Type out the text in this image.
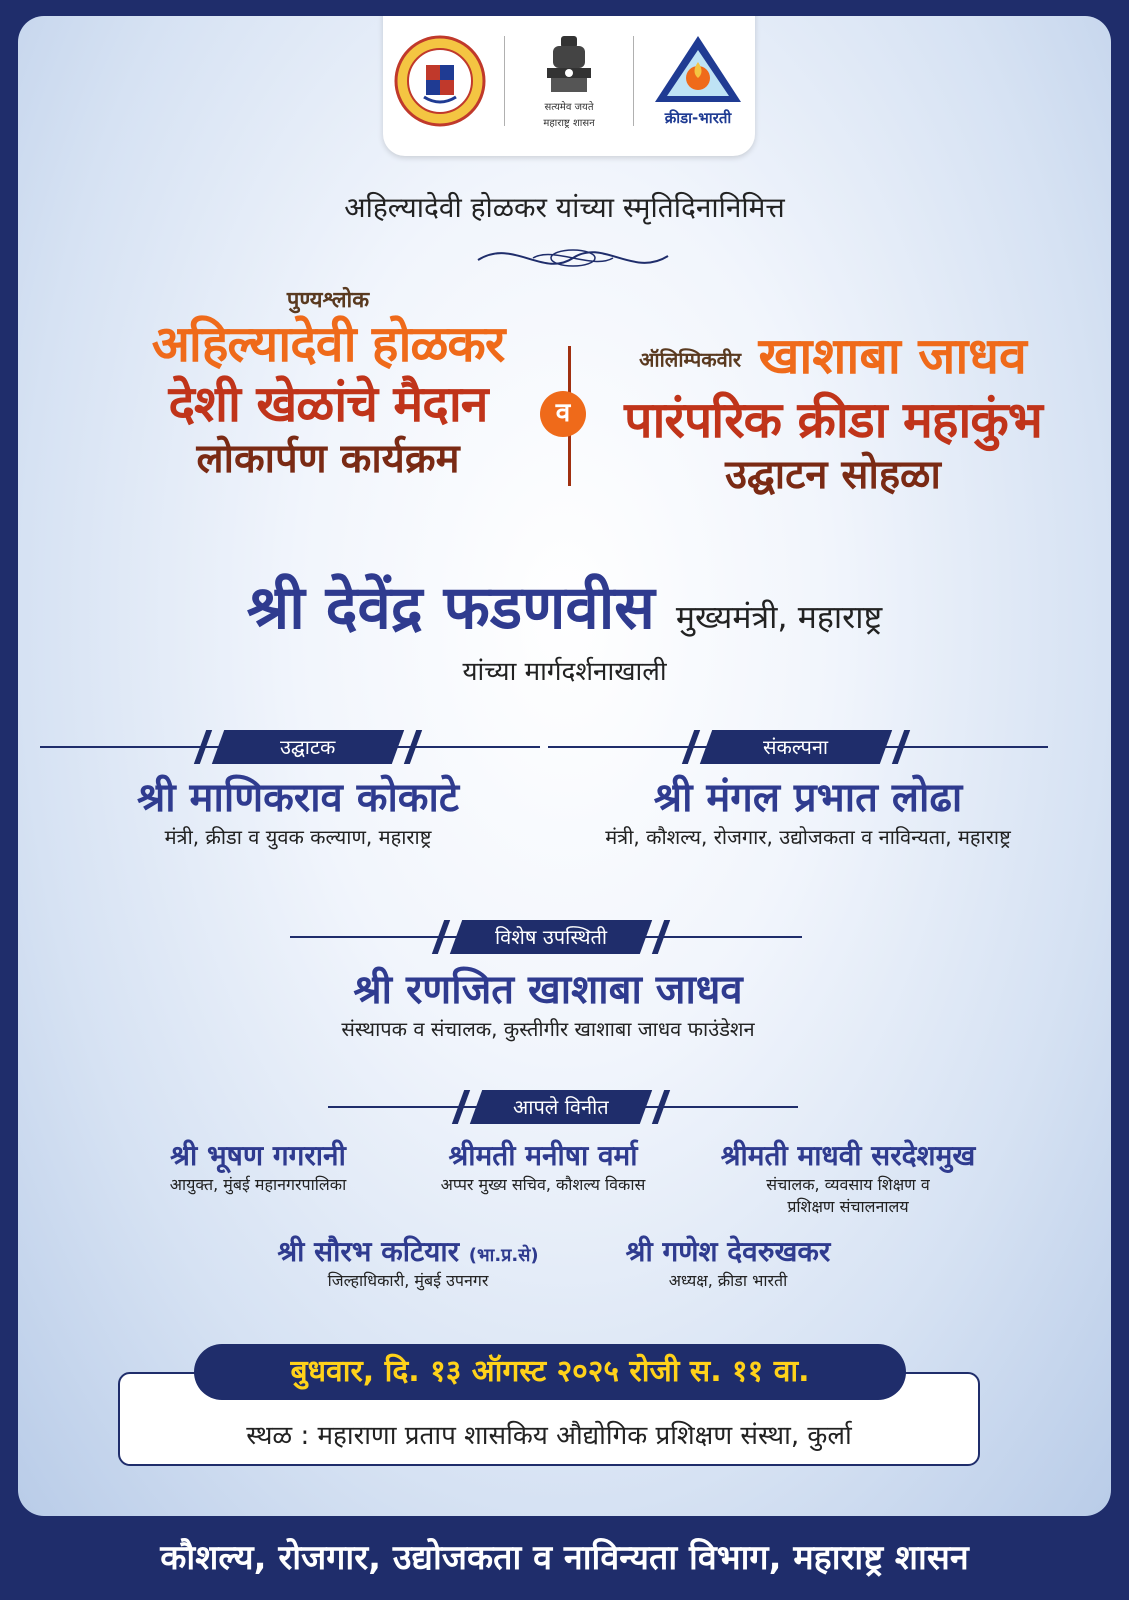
सत्यमेव जयते
महाराष्ट्र शासन	क्रीडा-भारती
अहिल्यादेवी होळकर यांच्या स्मृतिदिनानिमित्त
पुण्यश्लोक
अहिल्यादेवी होळकर
देशी खेळांचे मैदान
लोकार्पण कार्यक्रम
व
ऑलिम्पिकवीर खाशाबा जाधव
पारंपरिक क्रीडा महाकुंभ
उद्घाटन सोहळा
श्री देवेंद्र फडणवीस मुख्यमंत्री, महाराष्ट्र
यांच्या मार्गदर्शनाखाली
उद्घाटक	संकल्पना
श्री माणिकराव कोकाटे
मंत्री, क्रीडा व युवक कल्याण, महाराष्ट्र
श्री मंगल प्रभात लोढा
मंत्री, कौशल्य, रोजगार, उद्योजकता व नाविन्यता, महाराष्ट्र
विशेष उपस्थिती
श्री रणजित खाशाबा जाधव
संस्थापक व संचालक, कुस्तीगीर खाशाबा जाधव फाउंडेशन
आपले विनीत
श्री भूषण गगरानी
आयुक्त, मुंबई महानगरपालिका
श्रीमती मनीषा वर्मा
अप्पर मुख्य सचिव, कौशल्य विकास
श्रीमती माधवी सरदेशमुख
संचालक, व्यवसाय शिक्षण व
प्रशिक्षण संचालनालय
श्री सौरभ कटियार (भा.प्र.से)
जिल्हाधिकारी, मुंबई उपनगर
श्री गणेश देवरुखकर
अध्यक्ष, क्रीडा भारती
स्थळ : महाराणा प्रताप शासकिय औद्योगिक प्रशिक्षण संस्था, कुर्ला
बुधवार, दि. १३ ऑगस्ट २०२५ रोजी स. ११ वा.
कौशल्य, रोजगार, उद्योजकता व नाविन्यता विभाग, महाराष्ट्र शासन
